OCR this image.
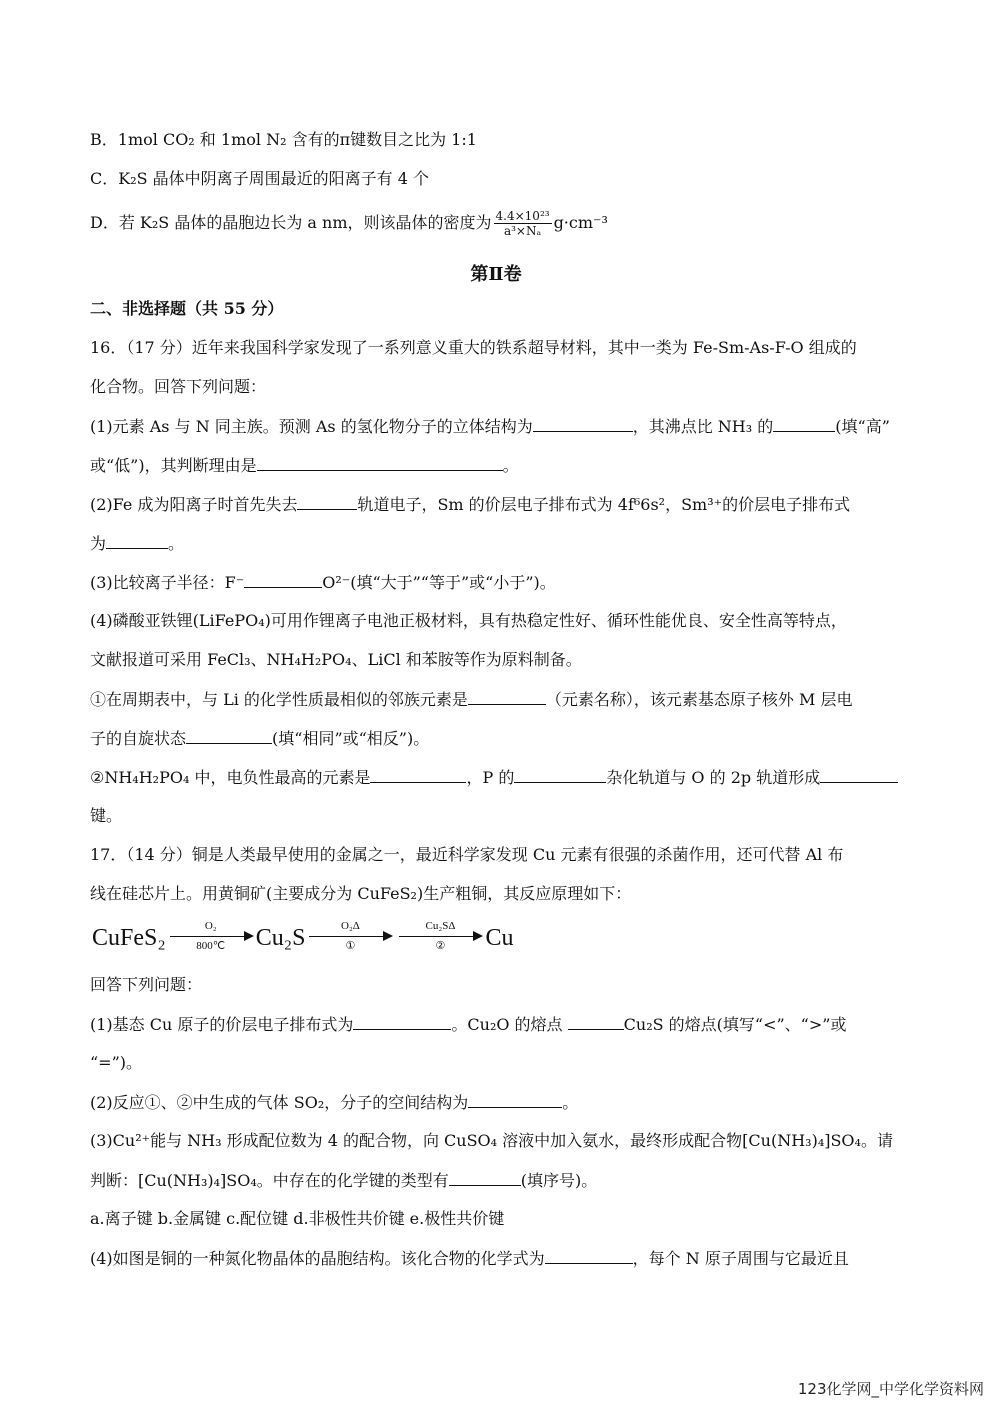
B．1mol CO₂ 和 1mol N₂ 含有的π键数目之比为 1:1
C．K₂S 晶体中阴离子周围最近的阳离子有 4 个
D．若 K₂S 晶体的晶胞边长为 a nm，则该晶体的密度为 $\frac{\text{4.4×10²³}}{\text{a³×Nₐ}} g\cdot cm^{-3}$
第Ⅱ卷
二、非选择题（共 55 分）
16．（17 分）近年来我国科学家发现了一系列意义重大的铁系超导材料，其中一类为 Fe-Sm-As-F-O 组成的
化合物。回答下列问题：
(1)元素 As 与 N 同主族。预测 As 的氢化物分子的立体结构为	，其沸点比 NH₃ 的	(填“高”
或“低”)，其判断理由是	。
(2)Fe 成为阳离子时首先失去	轨道电子，Sm 的价层电子排布式为 4f⁶6s²，Sm³⁺的价层电子排布式
为	。
(3)比较离子半径：F⁻	O²⁻(填“大于”“等于”或“小于”)。
(4)磷酸亚铁锂(LiFePO₄)可用作锂离子电池正极材料，具有热稳定性好、循环性能优良、安全性高等特点，
文献报道可采用 FeCl₃、NH₄H₂PO₄、LiCl 和苯胺等作为原料制备。
①在周期表中，与 Li 的化学性质最相似的邻族元素是	（元素名称），该元素基态原子核外 M 层电
子的自旋状态	(填“相同”或“相反”)。
②NH₄H₂PO₄ 中，电负性最高的元素是	，P 的	杂化轨道与 O 的 2p 轨道形成
键。
17．（14 分）铜是人类最早使用的金属之一，最近科学家发现 Cu 元素有很强的杀菌作用，还可代替 Al 布
线在硅芯片上。用黄铜矿(主要成分为 CuFeS₂)生产粗铜，其反应原理如下：
CuFeS₂ $\frac{\text{O₂}}{800℃} Cu_2S$	O₂Δ
①
Cu₂SΔ
②	Cu
回答下列问题：
(1)基态 Cu 原子的价层电子排布式为	。Cu₂O 的熔点	Cu₂S 的熔点(填写“<”、“>”或
“=”)。
(2)反应①、②中生成的气体 SO₂，分子的空间结构为	。
(3)Cu²⁺能与 NH₃ 形成配位数为 4 的配合物，向 CuSO₄ 溶液中加入氨水，最终形成配合物[Cu(NH₃)₄]SO₄。请
判断：[Cu(NH₃)₄]SO₄。中存在的化学键的类型有	(填序号)。
a.离子键 b.金属键 c.配位键 d.非极性共价键 e.极性共价键
(4)如图是铜的一种氮化物晶体的晶胞结构。该化合物的化学式为	，每个 N 原子周围与它最近且
123化学网_中学化学资料网
